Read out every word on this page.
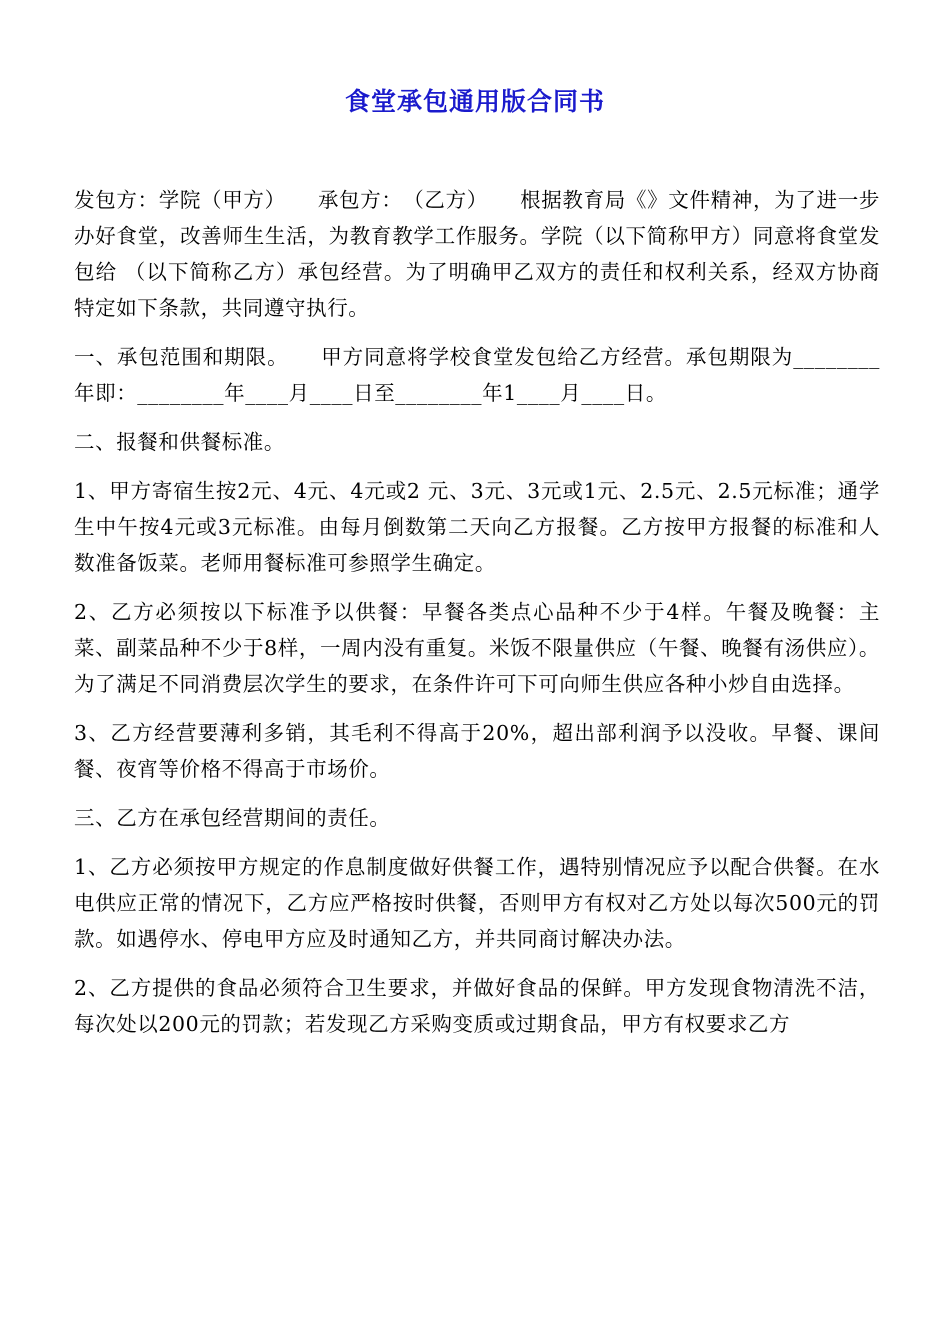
食堂承包通用版合同书

发包方：学院（甲方）　　承包方：　（乙方）　　根据教育局《》文件精神，为了进一步办好食堂，改善师生生活，为教育教学工作服务。学院（以下简称甲方）同意将食堂发包给 （以下简称乙方）承包经营。为了明确甲乙双方的责任和权利关系，经双方协商特定如下条款，共同遵守执行。

一、承包范围和期限。　　甲方同意将学校食堂发包给乙方经营。承包期限为________年即：________年____月____日至________年1____月____日。

二、报餐和供餐标准。

1、甲方寄宿生按2元、4元、4元或2 元、3元、3元或1元、2.5元、2.5元标准；通学生中午按4元或3元标准。由每月倒数第二天向乙方报餐。乙方按甲方报餐的标准和人数准备饭菜。老师用餐标准可参照学生确定。

2、乙方必须按以下标准予以供餐：早餐各类点心品种不少于4样。午餐及晚餐：主菜、副菜品种不少于8样，一周内没有重复。米饭不限量供应（午餐、晚餐有汤供应）。为了满足不同消费层次学生的要求，在条件许可下可向师生供应各种小炒自由选择。

3、乙方经营要薄利多销，其毛利不得高于20%，超出部利润予以没收。早餐、课间餐、夜宵等价格不得高于市场价。

三、乙方在承包经营期间的责任。

1、乙方必须按甲方规定的作息制度做好供餐工作，遇特别情况应予以配合供餐。在水电供应正常的情况下，乙方应严格按时供餐，否则甲方有权对乙方处以每次500元的罚款。如遇停水、停电甲方应及时通知乙方，并共同商讨解决办法。

2、乙方提供的食品必须符合卫生要求，并做好食品的保鲜。甲方发现食物清洗不洁，每次处以200元的罚款；若发现乙方采购变质或过期食品，甲方有权要求乙方
